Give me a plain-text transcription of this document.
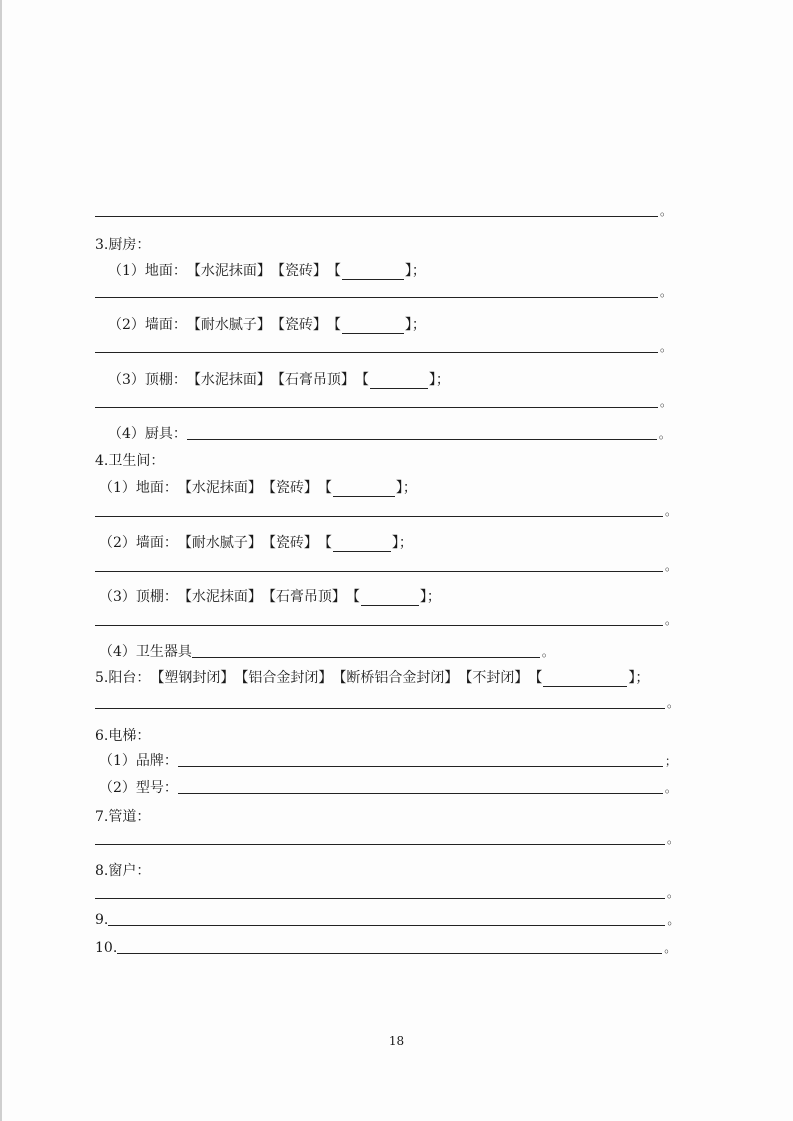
。
3.厨房：
（1）地面： 【水泥抹面】 【瓷砖】 【	】；
。
（2）墙面： 【耐水腻子】 【瓷砖】 【	】；
。
（3）顶棚： 【水泥抹面】 【石膏吊顶】 【	】；
。
（4）厨具：	。
4.卫生间：
（1）地面： 【水泥抹面】 【瓷砖】 【	】；
。
（2）墙面： 【耐水腻子】 【瓷砖】 【	】；
。
（3）顶棚： 【水泥抹面】 【石膏吊顶】 【	】；
。
（4）卫生器具	。
5.阳台： 【塑钢封闭】 【铝合金封闭】 【断桥铝合金封闭】 【不封闭】 【	】；
。
6.电梯：
（1）品牌：	；
（2）型号：	。
7.管道：
。
8.窗户：
。
9.	。
10.	。
18
